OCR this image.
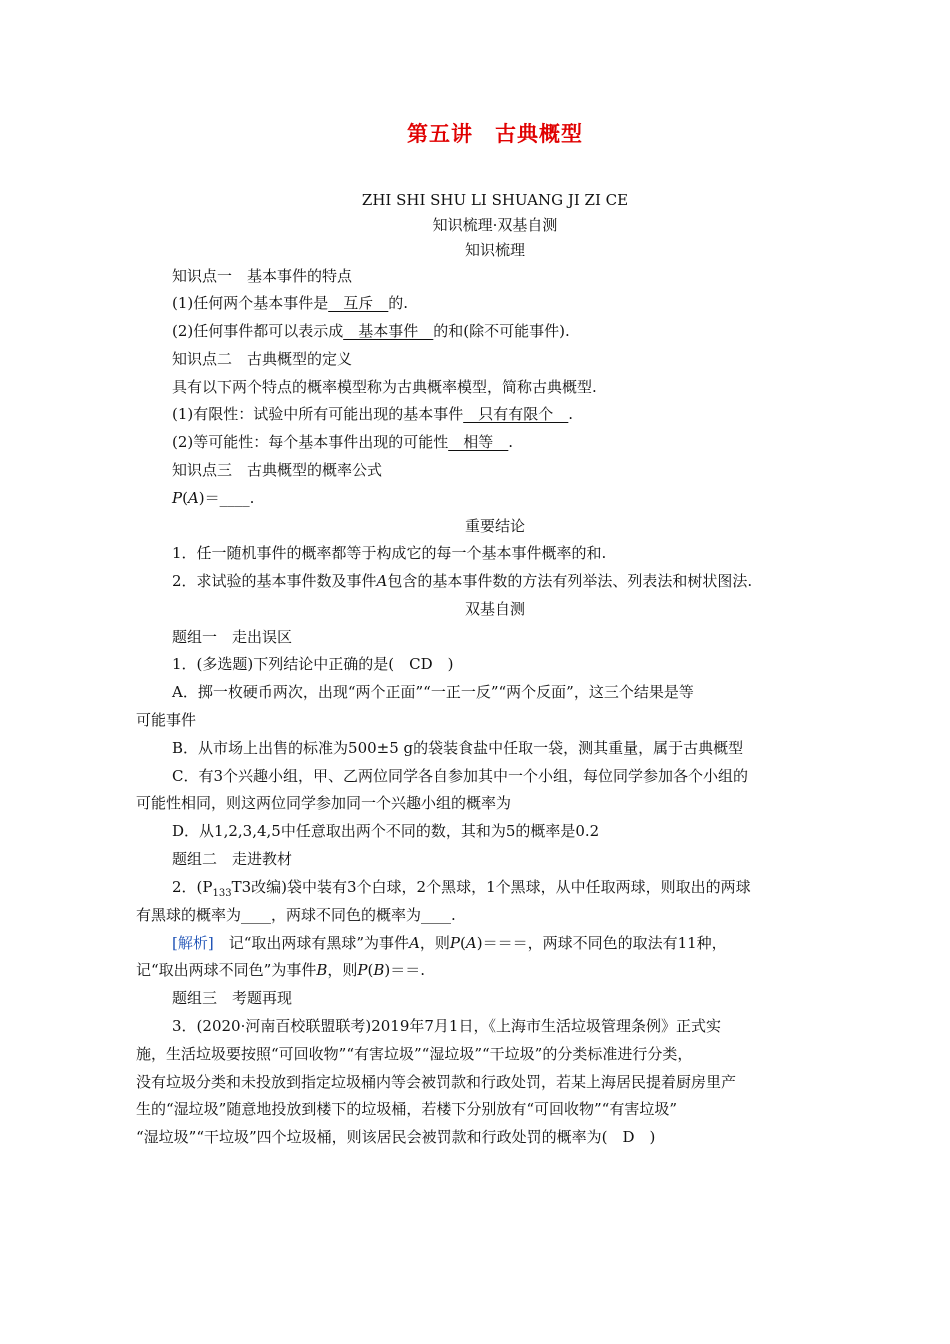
第五讲　古典概型
ZHI SHI SHU LI SHUANG JI ZI CE
知识梳理·双基自测
知识梳理
知识点一　基本事件的特点
(1)任何两个基本事件是__互斥__的.
(2)任何事件都可以表示成__基本事件__的和(除不可能事件).
知识点二　古典概型的定义
具有以下两个特点的概率模型称为古典概率模型，简称古典概型.
(1)有限性：试验中所有可能出现的基本事件__只有有限个__.
(2)等可能性：每个基本事件出现的可能性__相等__.
知识点三　古典概型的概率公式
P(A)＝____.
重要结论
1．任一随机事件的概率都等于构成它的每一个基本事件概率的和.
2．求试验的基本事件数及事件A包含的基本事件数的方法有列举法、列表法和树状图法.
双基自测
题组一　走出误区
1．(多选题)下列结论中正确的是(　CD　)
A．掷一枚硬币两次，出现“两个正面”“一正一反”“两个反面”，这三个结果是等
可能事件
B．从市场上出售的标准为500±5 g的袋装食盐中任取一袋，测其重量，属于古典概型
C．有3个兴趣小组，甲、乙两位同学各自参加其中一个小组，每位同学参加各个小组的
可能性相同，则这两位同学参加同一个兴趣小组的概率为
D．从1,2,3,4,5中任意取出两个不同的数，其和为5的概率是0.2
题组二　走进教材
2．($P_{133}T3$改编)袋中装有3个白球，2个黑球，1个黑球，从中任取两球，则取出的两球
有黑球的概率为____，两球不同色的概率为____.
[解析]　记“取出两球有黑球”为事件A，则P(A)＝＝＝，两球不同色的取法有11种，
记“取出两球不同色”为事件B，则P(B)＝＝.
题组三　考题再现
3．(2020·河南百校联盟联考)2019年7月1日，《上海市生活垃圾管理条例》正式实
施，生活垃圾要按照“可回收物”“有害垃圾”“湿垃圾”“干垃圾”的分类标准进行分类，
没有垃圾分类和未投放到指定垃圾桶内等会被罚款和行政处罚，若某上海居民提着厨房里产
生的“湿垃圾”随意地投放到楼下的垃圾桶，若楼下分别放有“可回收物”“有害垃圾”
“湿垃圾”“干垃圾”四个垃圾桶，则该居民会被罚款和行政处罚的概率为(　D　)
